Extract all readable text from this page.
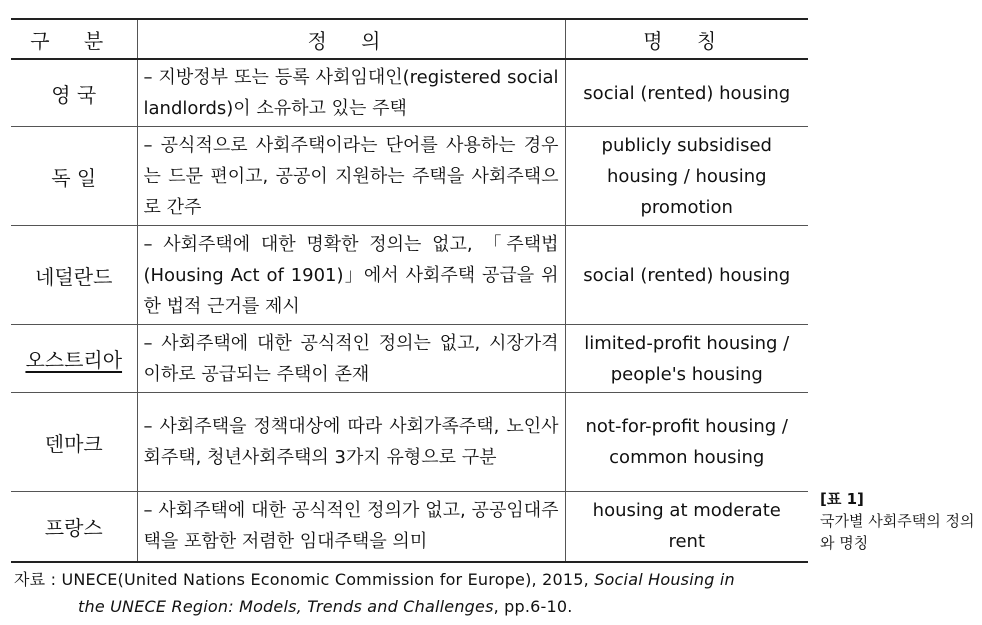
구 분	정 의	명 칭
영 국	– 지방정부 또는 등록 사회임대인(registered social landlords)이 소유하고 있는 주택	social (rented) housing
독 일	– 공식적으로 사회주택이라는 단어를 사용하는 경우는 드문 편이고, 공공이 지원하는 주택을 사회주택으로 간주	publicly subsidised housing / housing promotion
네덜란드	– 사회주택에 대한 명확한 정의는 없고, 「주택법(Housing Act of 1901)」에서 사회주택 공급을 위한 법적 근거를 제시	social (rented) housing
오스트리아	– 사회주택에 대한 공식적인 정의는 없고, 시장가격 이하로 공급되는 주택이 존재	limited-profit housing / people's housing
덴마크	– 사회주택을 정책대상에 따라 사회가족주택, 노인사회주택, 청년사회주택의 3가지 유형으로 구분	not-for-profit housing / common housing
프랑스	– 사회주택에 대한 공식적인 정의가 없고, 공공임대주택을 포함한 저렴한 임대주택을 의미	housing at moderate rent
[표 1]
국가별 사회주택의 정의와 명칭
자료 : UNECE(United Nations Economic Commission for Europe), 2015, Social Housing in
the UNECE Region: Models, Trends and Challenges, pp.6-10.
